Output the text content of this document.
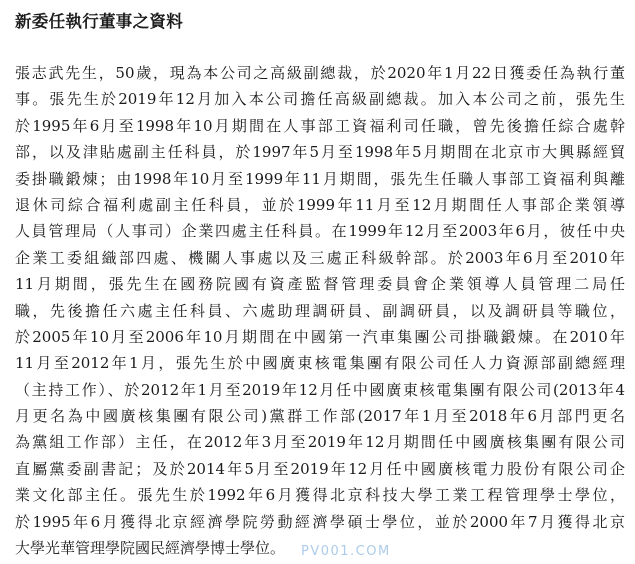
新委任執行董事之資料
張志武先生，50歲，現為本公司之高級副總裁，於2020年1月22日獲委任為執行董
事。張先生於2019年12月加入本公司擔任高級副總裁。加入本公司之前，張先生
於1995年6月至1998年10月期間在人事部工資福利司任職，曾先後擔任綜合處幹
部，以及津貼處副主任科員，於1997年5月至1998年5月期間在北京市大興縣經貿
委掛職鍛煉；由1998年10月至1999年11月期間，張先生任職人事部工資福利與離
退休司綜合福利處副主任科員，並於1999年11月至12月期間任人事部企業領導
人員管理局（人事司）企業四處主任科員。在1999年12月至2003年6月，彼任中央
企業工委組織部四處、機關人事處以及三處正科級幹部。於2003年6月至2010年
11月期間，張先生在國務院國有資產監督管理委員會企業領導人員管理二局任
職，先後擔任六處主任科員、六處助理調研員、副調研員，以及調研員等職位，
於2005年10月至2006年10月期間在中國第一汽車集團公司掛職鍛煉。在2010年
11月至2012年1月，張先生於中國廣東核電集團有限公司任人力資源部副總經理
（主持工作）、於2012年1月至2019年12月任中國廣東核電集團有限公司(2013年4
月更名為中國廣核集團有限公司)黨群工作部(2017年1月至2018年6月部門更名
為黨組工作部）主任，在2012年3月至2019年12月期間任中國廣核集團有限公司
直屬黨委副書記；及於2014年5月至2019年12月任中國廣核電力股份有限公司企
業文化部主任。張先生於1992年6月獲得北京科技大學工業工程管理學士學位，
於1995年6月獲得北京經濟學院勞動經濟學碩士學位，並於2000年7月獲得北京
大學光華管理學院國民經濟學博士學位。	PV001.COM
